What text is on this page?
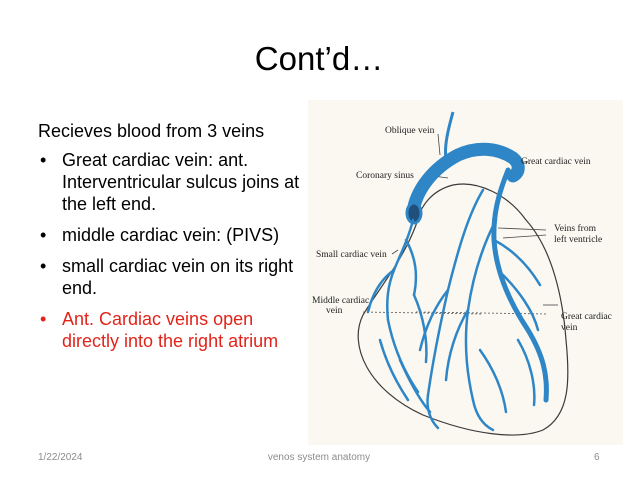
Cont’d…
Recieves blood from 3 veins
• Great cardiac vein: ant. Interventricular sulcus joins at the left end.
• middle cardiac vein: (PIVS)
• small cardiac vein on its right end.
• Ant. Cardiac veins open directly into the right atrium
Oblique vein
Coronary sinus
Great cardiac vein
Veins from
left ventricle
Small cardiac vein
Middle cardiac
vein
Great cardiac
vein
1/22/2024	venos system anatomy	6
